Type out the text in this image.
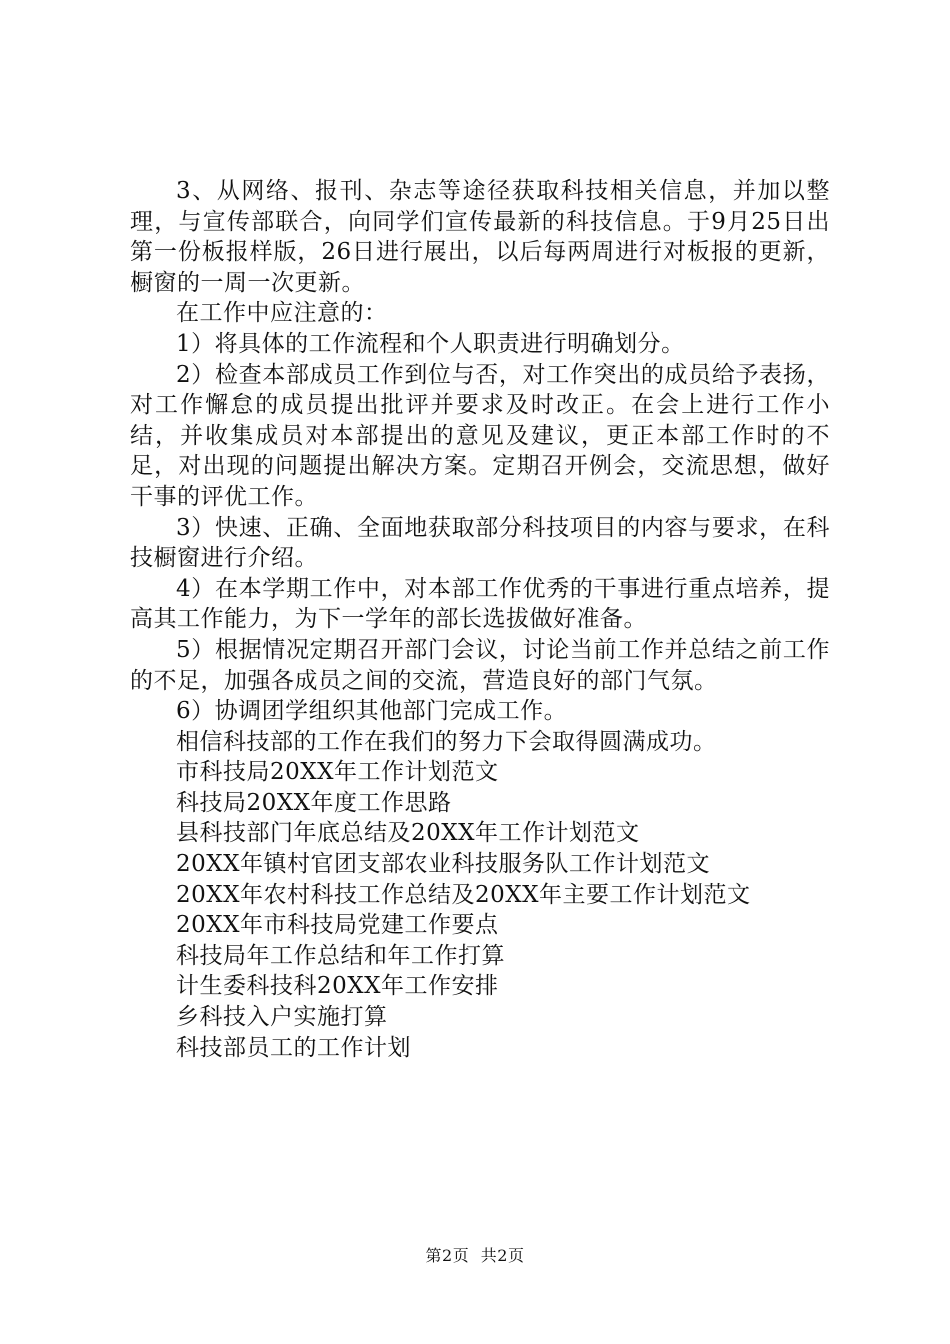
3、从网络、报刊、杂志等途径获取科技相关信息，并加以整理，与宣传部联合，向同学们宣传最新的科技信息。于9月25日出第一份板报样版，26日进行展出，以后每两周进行对板报的更新，橱窗的一周一次更新。

在工作中应注意的：

1）将具体的工作流程和个人职责进行明确划分。

2）检查本部成员工作到位与否，对工作突出的成员给予表扬，对工作懈怠的成员提出批评并要求及时改正。在会上进行工作小结，并收集成员对本部提出的意见及建议，更正本部工作时的不足，对出现的问题提出解决方案。定期召开例会，交流思想，做好干事的评优工作。

3）快速、正确、全面地获取部分科技项目的内容与要求，在科技橱窗进行介绍。

4）在本学期工作中，对本部工作优秀的干事进行重点培养，提高其工作能力，为下一学年的部长选拔做好准备。

5）根据情况定期召开部门会议，讨论当前工作并总结之前工作的不足，加强各成员之间的交流，营造良好的部门气氛。

6）协调团学组织其他部门完成工作。

相信科技部的工作在我们的努力下会取得圆满成功。

市科技局20XX年工作计划范文

科技局20XX年度工作思路

县科技部门年底总结及20XX年工作计划范文

20XX年镇村官团支部农业科技服务队工作计划范文

20XX年农村科技工作总结及20XX年主要工作计划范文

20XX年市科技局党建工作要点

科技局年工作总结和年工作打算

计生委科技科20XX年工作安排

乡科技入户实施打算

科技部员工的工作计划

第2页 共2页
